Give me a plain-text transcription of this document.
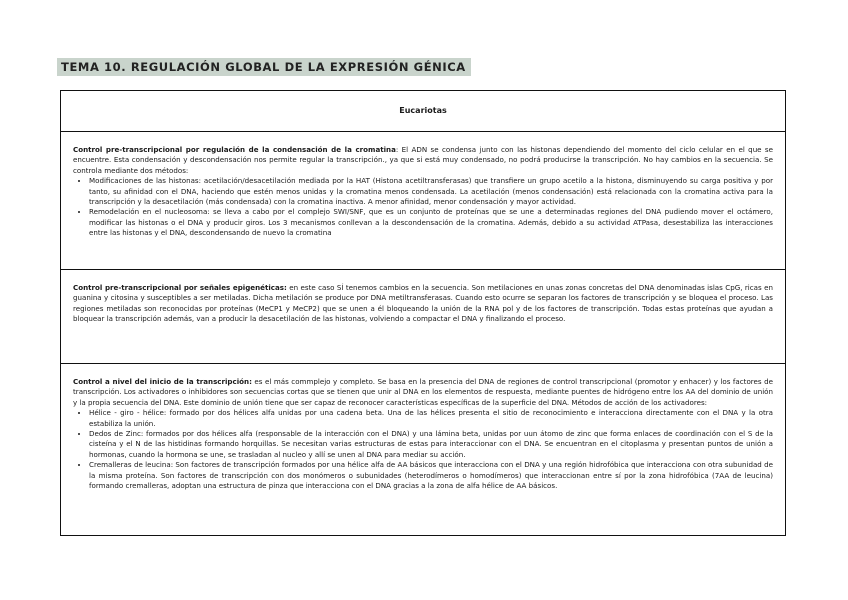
TEMA 10. REGULACIÓN GLOBAL DE LA EXPRESIÓN GÉNICA
Eucariotas
Control pre-transcripcional por regulación de la condensación de la cromatina: El ADN se condensa junto con las histonas dependiendo del momento del ciclo celular en el que se encuentre. Esta condensación y descondensación nos permite regular la transcripción., ya que si está muy condensado, no podrá producirse la transcripción. No hay cambios en la secuencia. Se controla mediante dos métodos:
• Modificaciones de las histonas: acetilación/desacetilación mediada por la HAT (Histona acetiltransferasas) que transfiere un grupo acetilo a la histona, disminuyendo su carga positiva y por tanto, su afinidad con el DNA, haciendo que estén menos unidas y la cromatina menos condensada. La acetilación (menos condensación) está relacionada con la cromatina activa para la transcripción y la desacetilación (más condensada) con la cromatina inactiva. A menor afinidad, menor condensación y mayor actividad.
• Remodelación en el nucleosoma: se lleva a cabo por el complejo SWI/SNF, que es un conjunto de proteínas que se une a determinadas regiones del DNA pudiendo mover el octámero, modificar las histonas o el DNA y producir giros. Los 3 mecanismos conllevan a la descondensación de la cromatina. Además, debido a su actividad ATPasa, desestabiliza las interacciones entre las histonas y el DNA, descondensando de nuevo la cromatina
Control pre-transcripcional por señales epigenéticas: en este caso SÍ tenemos cambios en la secuencia. Son metilaciones en unas zonas concretas del DNA denominadas islas CpG, ricas en guanina y citosina y susceptibles a ser metiladas. Dicha metilación se produce por DNA metiltransferasas. Cuando esto ocurre se separan los factores de transcripción y se bloquea el proceso. Las regiones metiladas son reconocidas por proteínas (MeCP1 y MeCP2) que se unen a él bloqueando la unión de la RNA pol y de los factores de transcripción. Todas estas proteínas que ayudan a bloquear la transcripción además, van a producir la desacetilación de las histonas, volviendo a compactar el DNA y finalizando el proceso.
Control a nivel del inicio de la transcripción: es el más commplejo y completo. Se basa en la presencia del DNA de regiones de control transcripcional (promotor y enhacer) y los factores de transcripción. Los activadores o inhibidores son secuencias cortas que se tienen que unir al DNA en los elementos de respuesta, mediante puentes de hidrógeno entre los AA del dominio de unión y la propia secuencia del DNA. Este dominio de unión tiene que ser capaz de reconocer características específicas de la superficie del DNA. Métodos de acción de los activadores:
• Hélice - giro - hélice: formado por dos hélices alfa unidas por una cadena beta. Una de las hélices presenta el sitio de reconocimiento e interacciona directamente con el DNA y la otra estabiliza la unión.
• Dedos de Zinc: formados por dos hélices alfa (responsable de la interacción con el DNA) y una lámina beta, unidas por uun átomo de zinc que forma enlaces de coordinación con el S de la cisteína y el N de las histidinas formando horquillas. Se necesitan varias estructuras de estas para interaccionar con el DNA. Se encuentran en el citoplasma y presentan puntos de unión a hormonas, cuando la hormona se une, se trasladan al nucleo y allí se unen al DNA para mediar su acción.
• Cremalleras de leucina: Son factores de transcripción formados por una hélice alfa de AA básicos que interacciona con el DNA y una región hidrofóbica que interacciona con otra subunidad de la misma proteína. Son factores de transcripción con dos monómeros o subunidades (heterodímeros o homodímeros) que interaccionan entre sí por la zona hidrofóbica (7AA de leucina) formando cremalleras, adoptan una estructura de pinza que interacciona con el DNA gracias a la zona de alfa hélice de AA básicos.
